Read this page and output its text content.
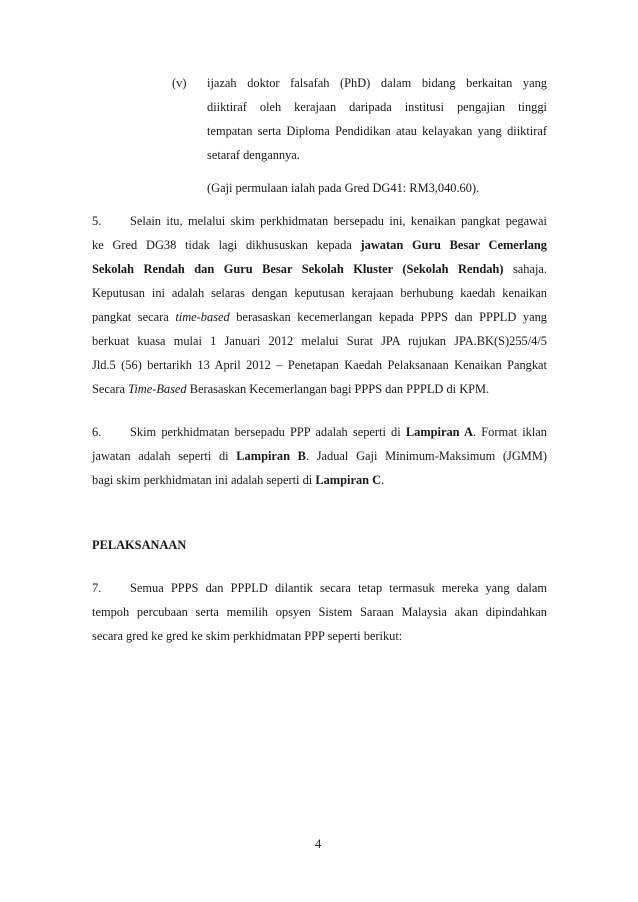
(v) ijazah doktor falsafah (PhD) dalam bidang berkaitan yang
diiktiraf oleh kerajaan daripada institusi pengajian tinggi
tempatan serta Diploma Pendidikan atau kelayakan yang diiktiraf
setaraf dengannya.
(Gaji permulaan ialah pada Gred DG41: RM3,040.60).
5. Selain itu, melalui skim perkhidmatan bersepadu ini, kenaikan pangkat pegawai
ke Gred DG38 tidak lagi dikhususkan kepada jawatan Guru Besar Cemerlang
Sekolah Rendah dan Guru Besar Sekolah Kluster (Sekolah Rendah) sahaja.
Keputusan ini adalah selaras dengan keputusan kerajaan berhubung kaedah kenaikan
pangkat secara time-based berasaskan kecemerlangan kepada PPPS dan PPPLD yang
berkuat kuasa mulai 1 Januari 2012 melalui Surat JPA rujukan JPA.BK(S)255/4/5
Jld.5 (56) bertarikh 13 April 2012 – Penetapan Kaedah Pelaksanaan Kenaikan Pangkat
Secara Time-Based Berasaskan Kecemerlangan bagi PPPS dan PPPLD di KPM.
6. Skim perkhidmatan bersepadu PPP adalah seperti di Lampiran A. Format iklan
jawatan adalah seperti di Lampiran B. Jadual Gaji Minimum-Maksimum (JGMM)
bagi skim perkhidmatan ini adalah seperti di Lampiran C.
PELAKSANAAN
7. Semua PPPS dan PPPLD dilantik secara tetap termasuk mereka yang dalam
tempoh percubaan serta memilih opsyen Sistem Saraan Malaysia akan dipindahkan
secara gred ke gred ke skim perkhidmatan PPP seperti berikut:
4
